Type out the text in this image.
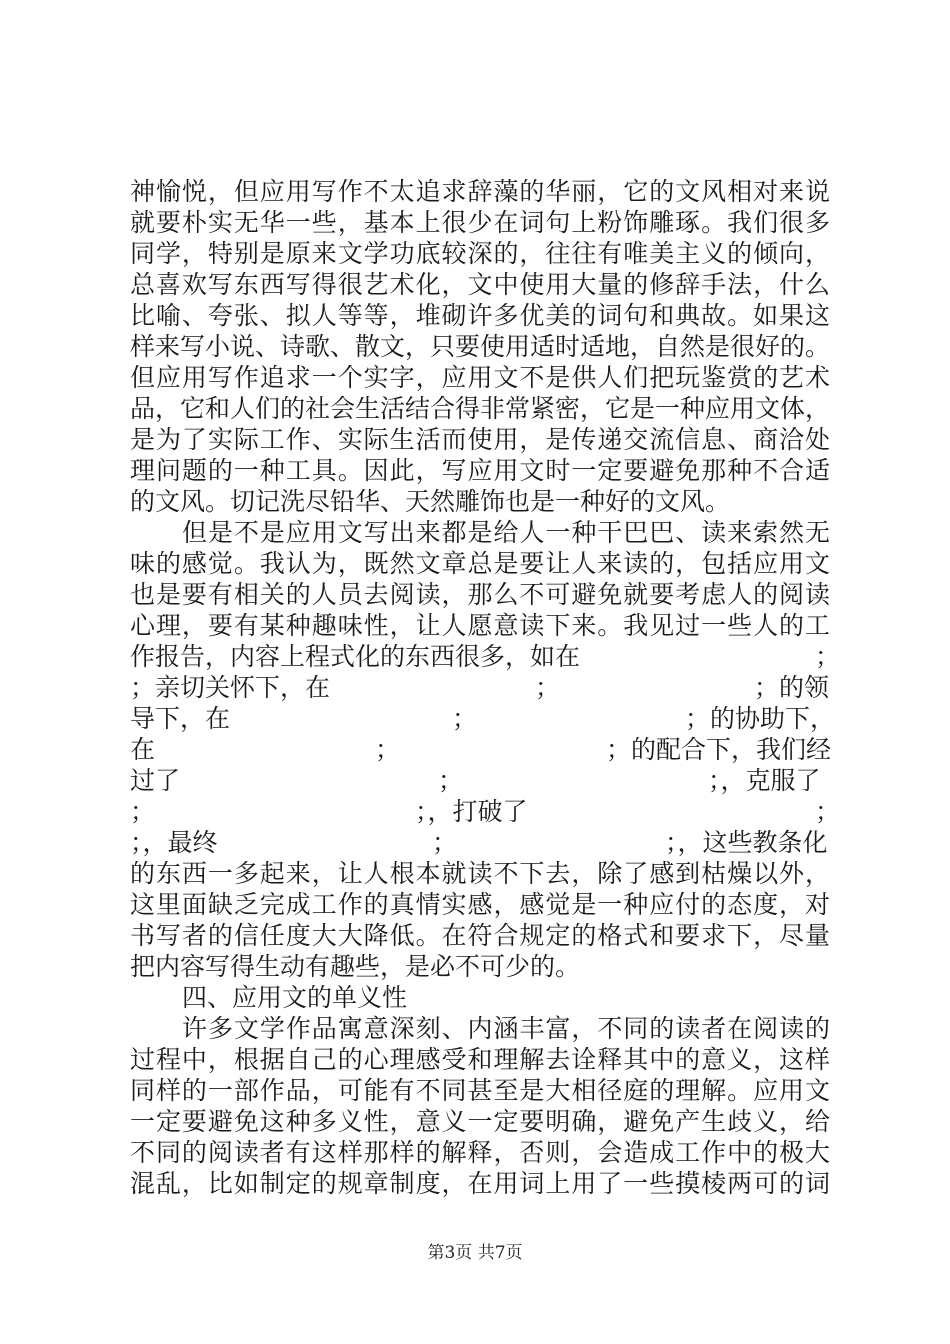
神愉悦，但应用写作不太追求辞藻的华丽，它的文风相对来说
就要朴实无华一些，基本上很少在词句上粉饰雕琢。我们很多
同学，特别是原来文学功底较深的，往往有唯美主义的倾向，
总喜欢写东西写得很艺术化，文中使用大量的修辞手法，什么
比喻、夸张、拟人等等，堆砌许多优美的词句和典故。如果这
样来写小说、诗歌、散文，只要使用适时适地，自然是很好的。
但应用写作追求一个实字，应用文不是供人们把玩鉴赏的艺术
品，它和人们的社会生活结合得非常紧密，它是一种应用文体，
是为了实际工作、实际生活而使用，是传递交流信息、商洽处
理问题的一种工具。因此，写应用文时一定要避免那种不合适
的文风。切记洗尽铅华、天然雕饰也是一种好的文风。
但是不是应用文写出来都是给人一种干巴巴、读来索然无
味的感觉。我认为，既然文章总是要让人来读的，包括应用文
也是要有相关的人员去阅读，那么不可避免就要考虑人的阅读
心理，要有某种趣味性，让人愿意读下来。我见过一些人的工
作报告，内容上程式化的东西很多，如在	；
；亲切关怀下，在	；	；的领
导下，在	；	；的协助下，
在	；	；的配合下，我们经
过了	；	；，克服了
；	；，打破了	；
；，最终	；	；，这些教条化
的东西一多起来，让人根本就读不下去，除了感到枯燥以外，
这里面缺乏完成工作的真情实感，感觉是一种应付的态度，对
书写者的信任度大大降低。在符合规定的格式和要求下，尽量
把内容写得生动有趣些，是必不可少的。
四、应用文的单义性
许多文学作品寓意深刻、内涵丰富，不同的读者在阅读的
过程中，根据自己的心理感受和理解去诠释其中的意义，这样
同样的一部作品，可能有不同甚至是大相径庭的理解。应用文
一定要避免这种多义性，意义一定要明确，避免产生歧义，给
不同的阅读者有这样那样的解释，否则，会造成工作中的极大
混乱，比如制定的规章制度，在用词上用了一些摸棱两可的词
第3页 共7页
